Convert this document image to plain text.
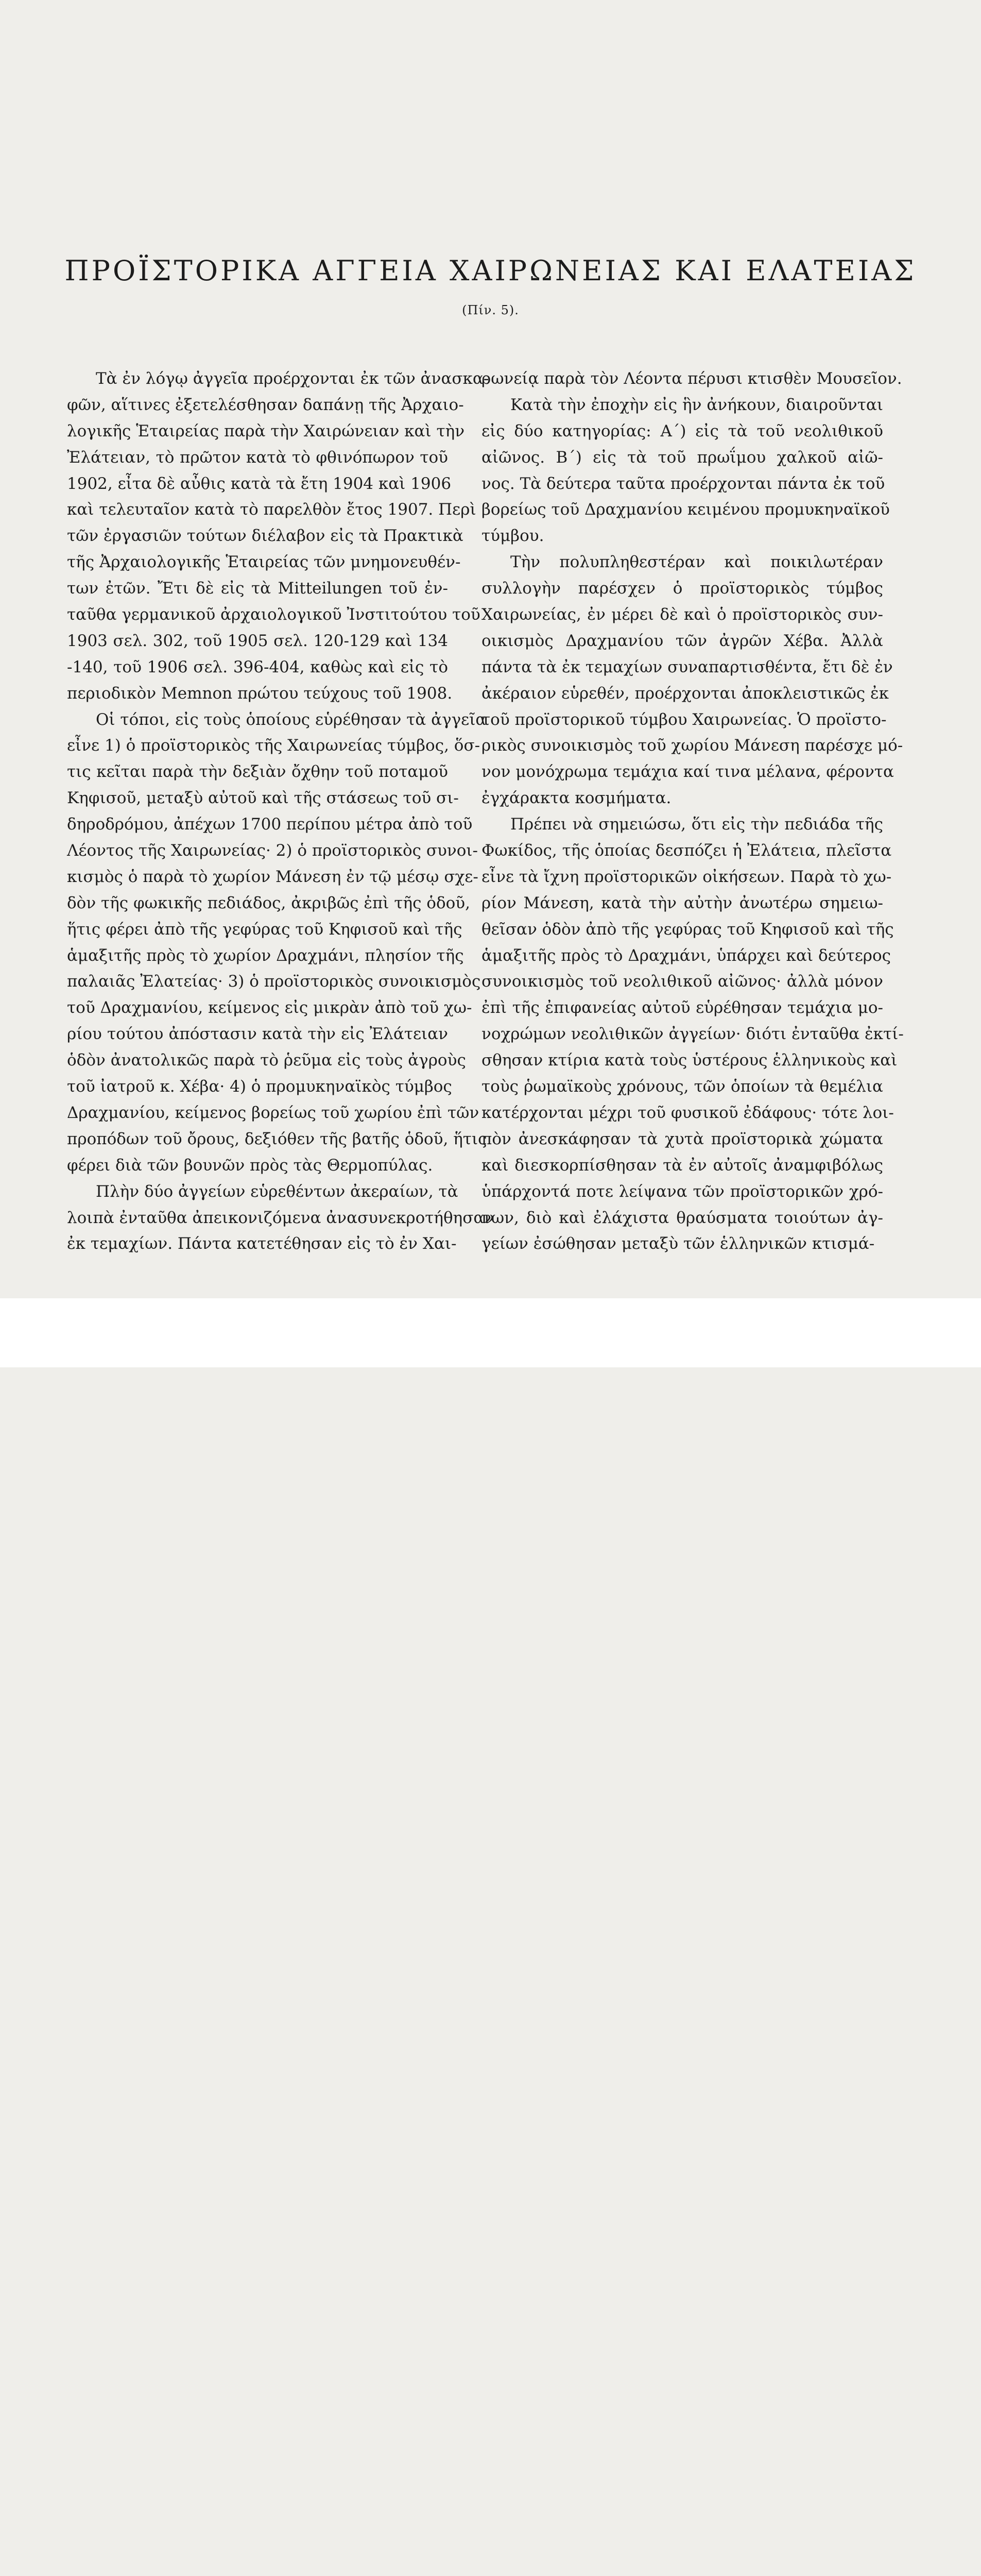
ΠΡΟΪΣΤΟΡΙΚΑ ΑΓΓΕΙΑ ΧΑΙΡΩΝΕΙΑΣ ΚΑΙ ΕΛΑΤΕΙΑΣ
(Πίν. 5).
Τὰ ἐν λόγῳ ἀγγεῖα προέρχονται ἐκ τῶν ἀνασκα-
φῶν, αἵτινες ἐξετελέσθησαν δαπάνῃ τῆς Ἀρχαιο-
λογικῆς Ἑταιρείας παρὰ τὴν Χαιρώνειαν καὶ τὴν
Ἐλάτειαν, τὸ πρῶτον κατὰ τὸ φθινόπωρον τοῦ
1902, εἶτα δὲ αὖθις κατὰ τὰ ἔτη 1904 καὶ 1906
καὶ τελευταῖον κατὰ τὸ παρελθὸν ἔτος 1907. Περὶ
τῶν ἐργασιῶν τούτων διέλαβον εἰς τὰ Πρακτικὰ
τῆς Ἀρχαιολογικῆς Ἑταιρείας τῶν μνημονευθέν-
των ἐτῶν. Ἔτι δὲ εἰς τὰ Mitteilungen τοῦ ἐν-
ταῦθα γερμανικοῦ ἀρχαιολογικοῦ Ἰνστιτούτου τοῦ
1903 σελ. 302, τοῦ 1905 σελ. 120-129 καὶ 134
-140, τοῦ 1906 σελ. 396-404, καθὼς καὶ εἰς τὸ
περιοδικὸν Memnon πρώτου τεύχους τοῦ 1908.
Οἱ τόποι, εἰς τοὺς ὁποίους εὑρέθησαν τὰ ἀγγεῖα
εἶνε 1) ὁ προϊστορικὸς τῆς Χαιρωνείας τύμβος, ὅσ-
τις κεῖται παρὰ τὴν δεξιὰν ὄχθην τοῦ ποταμοῦ
Κηφισοῦ, μεταξὺ αὐτοῦ καὶ τῆς στάσεως τοῦ σι-
δηροδρόμου, ἀπέχων 1700 περίπου μέτρα ἀπὸ τοῦ
Λέοντος τῆς Χαιρωνείας· 2) ὁ προϊστορικὸς συνοι-
κισμὸς ὁ παρὰ τὸ χωρίον Μάνεση ἐν τῷ μέσῳ σχε-
δὸν τῆς φωκικῆς πεδιάδος, ἀκριβῶς ἐπὶ τῆς ὁδοῦ,
ἥτις φέρει ἀπὸ τῆς γεφύρας τοῦ Κηφισοῦ καὶ τῆς
ἁμαξιτῆς πρὸς τὸ χωρίον Δραχμάνι, πλησίον τῆς
παλαιᾶς Ἐλατείας· 3) ὁ προϊστορικὸς συνοικισμὸς
τοῦ Δραχμανίου, κείμενος εἰς μικρὰν ἀπὸ τοῦ χω-
ρίου τούτου ἀπόστασιν κατὰ τὴν εἰς Ἐλάτειαν
ὁδὸν ἀνατολικῶς παρὰ τὸ ῥεῦμα εἰς τοὺς ἀγροὺς
τοῦ ἰατροῦ κ. Χέβα· 4) ὁ προμυκηναϊκὸς τύμβος
Δραχμανίου, κείμενος βορείως τοῦ χωρίου ἐπὶ τῶν
προπόδων τοῦ ὄρους, δεξιόθεν τῆς βατῆς ὁδοῦ, ἥτις
φέρει διὰ τῶν βουνῶν πρὸς τὰς Θερμοπύλας.
Πλὴν δύο ἀγγείων εὑρεθέντων ἀκεραίων, τὰ
λοιπὰ ἐνταῦθα ἀπεικονιζόμενα ἀνασυνεκροτήθησαν
ἐκ τεμαχίων. Πάντα κατετέθησαν εἰς τὸ ἐν Χαι-
ρωνείᾳ παρὰ τὸν Λέοντα πέρυσι κτισθὲν Μουσεῖον.
Κατὰ τὴν ἐποχὴν εἰς ἣν ἀνήκουν, διαιροῦνται
εἰς δύο κατηγορίας: Α΄) εἰς τὰ τοῦ νεολιθικοῦ
αἰῶνος. Β΄) εἰς τὰ τοῦ πρωΐμου χαλκοῦ αἰῶ-
νος. Τὰ δεύτερα ταῦτα προέρχονται πάντα ἐκ τοῦ
βορείως τοῦ Δραχμανίου κειμένου προμυκηναϊκοῦ
τύμβου.
Τὴν πολυπληθεστέραν καὶ ποικιλωτέραν
συλλογὴν παρέσχεν ὁ προϊστορικὸς τύμβος
Χαιρωνείας, ἐν μέρει δὲ καὶ ὁ προϊστορικὸς συν-
οικισμὸς Δραχμανίου τῶν ἀγρῶν Χέβα. Ἀλλὰ
πάντα τὰ ἐκ τεμαχίων συναπαρτισθέντα, ἔτι δὲ ἐν
ἀκέραιον εὑρεθέν, προέρχονται ἀποκλειστικῶς ἐκ
τοῦ προϊστορικοῦ τύμβου Χαιρωνείας. Ὁ προϊστο-
ρικὸς συνοικισμὸς τοῦ χωρίου Μάνεση παρέσχε μό-
νον μονόχρωμα τεμάχια καί τινα μέλανα, φέροντα
ἐγχάρακτα κοσμήματα.
Πρέπει νὰ σημειώσω, ὅτι εἰς τὴν πεδιάδα τῆς
Φωκίδος, τῆς ὁποίας δεσπόζει ἡ Ἐλάτεια, πλεῖστα
εἶνε τὰ ἴχνη προϊστορικῶν οἰκήσεων. Παρὰ τὸ χω-
ρίον Μάνεση, κατὰ τὴν αὐτὴν ἀνωτέρω σημειω-
θεῖσαν ὁδὸν ἀπὸ τῆς γεφύρας τοῦ Κηφισοῦ καὶ τῆς
ἁμαξιτῆς πρὸς τὸ Δραχμάνι, ὑπάρχει καὶ δεύτερος
συνοικισμὸς τοῦ νεολιθικοῦ αἰῶνος· ἀλλὰ μόνον
ἐπὶ τῆς ἐπιφανείας αὐτοῦ εὑρέθησαν τεμάχια μο-
νοχρώμων νεολιθικῶν ἀγγείων· διότι ἐνταῦθα ἐκτί-
σθησαν κτίρια κατὰ τοὺς ὑστέρους ἑλληνικοὺς καὶ
τοὺς ῥωμαϊκοὺς χρόνους, τῶν ὁποίων τὰ θεμέλια
κατέρχονται μέχρι τοῦ φυσικοῦ ἐδάφους· τότε λοι-
πὸν ἀνεσκάφησαν τὰ χυτὰ προϊστορικὰ χώματα
καὶ διεσκορπίσθησαν τὰ ἐν αὐτοῖς ἀναμφιβόλως
ὑπάρχοντά ποτε λείψανα τῶν προϊστορικῶν χρό-
νων, διὸ καὶ ἐλάχιστα θραύσματα τοιούτων ἀγ-
γείων ἐσώθησαν μεταξὺ τῶν ἑλληνικῶν κτισμά-
